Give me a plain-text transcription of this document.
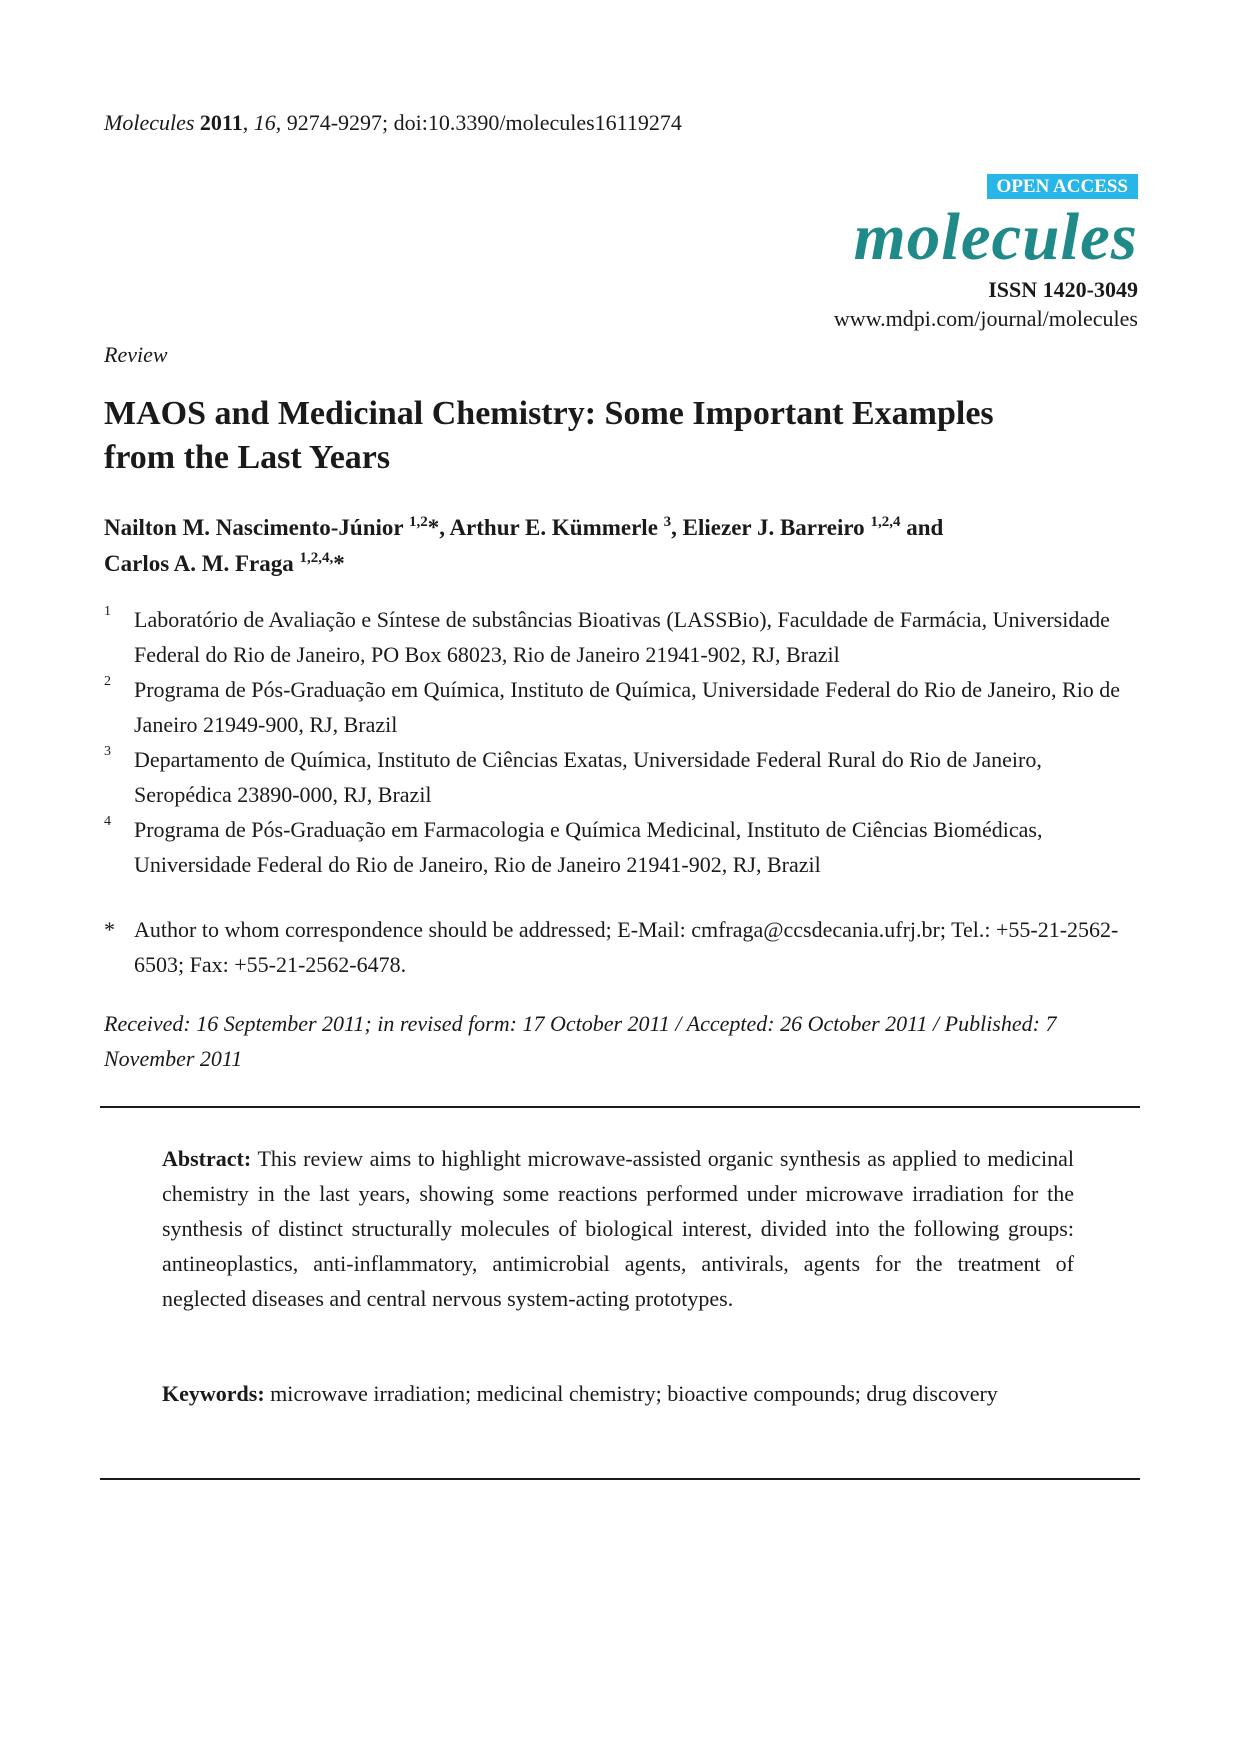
Molecules 2011, 16, 9274-9297; doi:10.3390/molecules16119274
OPEN ACCESS
molecules
ISSN 1420-3049
www.mdpi.com/journal/molecules
Review
MAOS and Medicinal Chemistry: Some Important Examples
from the Last Years
Nailton M. Nascimento-Júnior $^{1,2}$*, Arthur E. Kümmerle $^3$, Eliezer J. Barreiro $^{1,2,4}$ and
Carlos A. M. Fraga $^{1,2,4,}$*
1 Laboratório de Avaliação e Síntese de substâncias Bioativas (LASSBio), Faculdade de Farmácia, Universidade Federal do Rio de Janeiro, PO Box 68023, Rio de Janeiro 21941-902, RJ, Brazil
2 Programa de Pós-Graduação em Química, Instituto de Química, Universidade Federal do Rio de Janeiro, Rio de Janeiro 21949-900, RJ, Brazil
3 Departamento de Química, Instituto de Ciências Exatas, Universidade Federal Rural do Rio de Janeiro, Seropédica 23890-000, RJ, Brazil
4 Programa de Pós-Graduação em Farmacologia e Química Medicinal, Instituto de Ciências Biomédicas, Universidade Federal do Rio de Janeiro, Rio de Janeiro 21941-902, RJ, Brazil
* Author to whom correspondence should be addressed; E-Mail: cmfraga@ccsdecania.ufrj.br; Tel.: +55-21-2562-6503; Fax: +55-21-2562-6478.
Received: 16 September 2011; in revised form: 17 October 2011 / Accepted: 26 October 2011 / Published: 7 November 2011
Abstract: This review aims to highlight microwave-assisted organic synthesis as applied to medicinal chemistry in the last years, showing some reactions performed under microwave irradiation for the synthesis of distinct structurally molecules of biological interest, divided into the following groups: antineoplastics, anti-inflammatory, antimicrobial agents, antivirals, agents for the treatment of neglected diseases and central nervous system-acting prototypes.
Keywords: microwave irradiation; medicinal chemistry; bioactive compounds; drug discovery
